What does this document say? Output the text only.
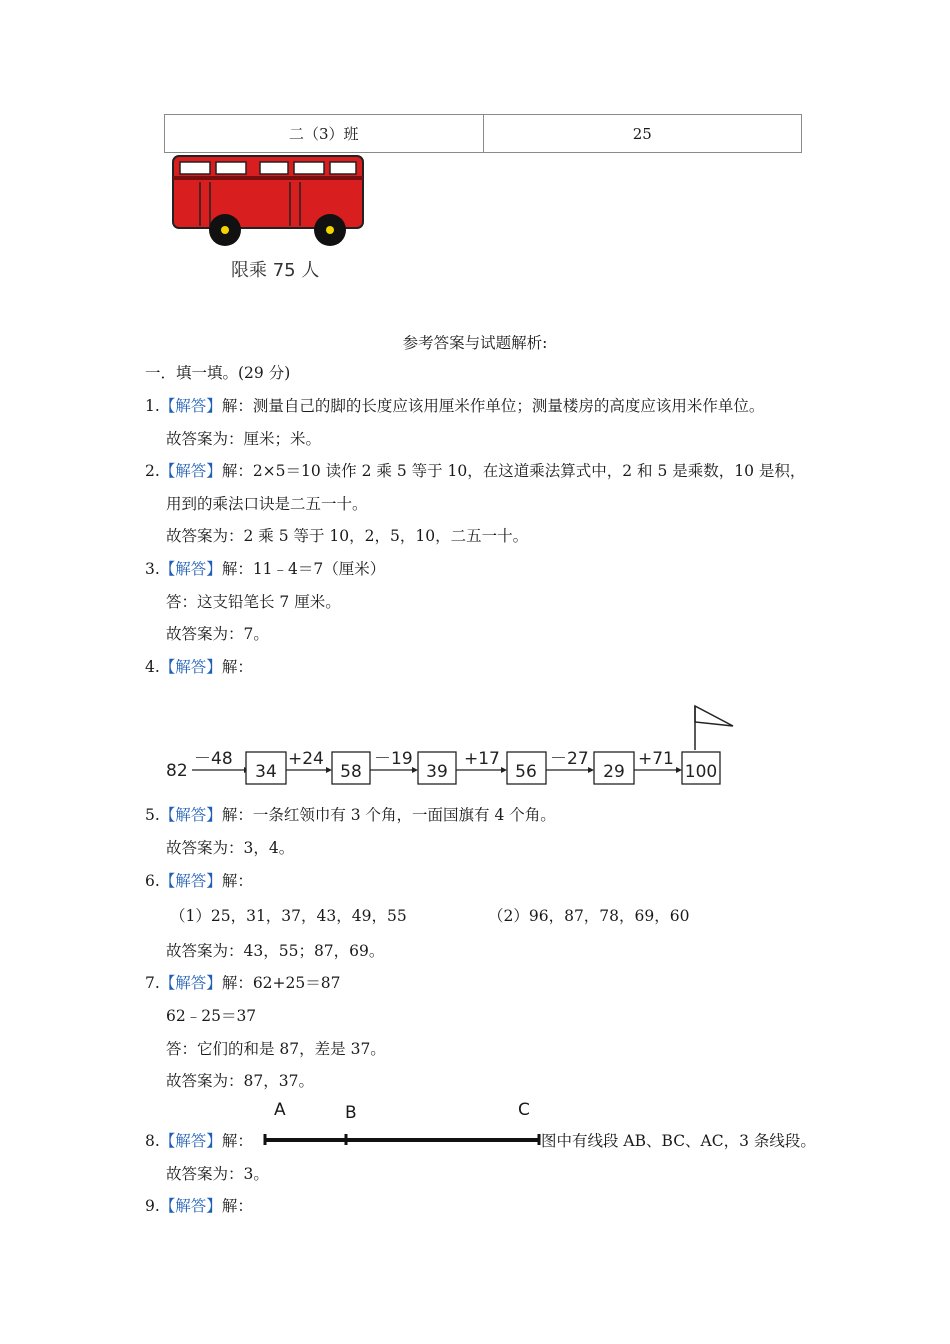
二（3）班	25
限乘 75 人
参考答案与试题解析:
一．填一填。(29 分)
1.【解答】解：测量自己的脚的长度应该用厘米作单位；测量楼房的高度应该用米作单位。
故答案为：厘米；米。
2.【解答】解：2×5＝10 读作 2 乘 5 等于 10，在这道乘法算式中，2 和 5 是乘数，10 是积，
用到的乘法口诀是二五一十。
故答案为：2 乘 5 等于 10，2，5，10，二五一十。
3.【解答】解：11﹣4＝7（厘米）
答：这支铅笔长 7 厘米。
故答案为：7。
4.【解答】解：
82
－48
34
+24
58
－19
39
+17
56
－27
29
+71
100
5.【解答】解：一条红领巾有 3 个角，一面国旗有 4 个角。
故答案为：3，4。
6.【解答】解：
（1）25，31，37，43，49，55	（2）96，87，78，69，60
故答案为：43，55；87，69。
7.【解答】解：62+25＝87
62﹣25＝37
答：它们的和是 87，差是 37。
故答案为：87，37。
A	B	C
8.【解答】解：	图中有线段 AB、BC、AC，3 条线段。
故答案为：3。
9.【解答】解：
